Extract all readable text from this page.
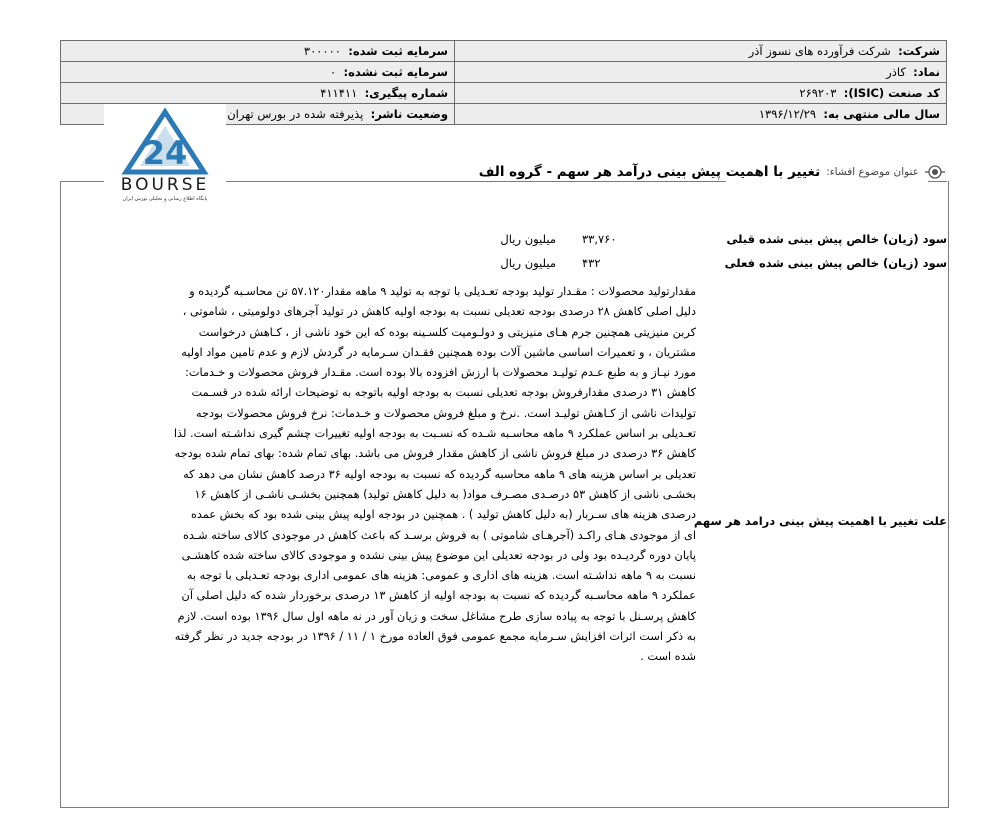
شرکت:  شرکت فرآورده های نسوز آذر	سرمایه ثبت شده:  ۳۰۰۰۰۰
نماد:  کاذر	سرمایه ثبت نشده:  ۰
کد صنعت (ISIC):  ۲۶۹۲۰۳	شماره پیگیری:  ۴۱۱۴۱۱
سال مالی منتهی به:  ۱۳۹۶/۱۲/۲۹	وضعیت ناشر:  پذیرفته شده در بورس تهران
24
BOURSE
پایگاه اطلاع رسانی و تحلیلی بورس ایران
عنوان موضوع افشاء:
تغییر با اهمیت پیش بینی درآمد هر سهم - گروه الف
سود (زیان) خالص پیش بینی شده قبلی
۳۳,۷۶۰
میلیون ریال
سود (زیان) خالص پیش بینی شده فعلی
۴۳۲
میلیون ریال
علت تغییر با اهمیت پیش بینی درامد هر سهم
مقدارتولید محصولات : مقـدار تولید بودجه تعـدیلی با توجه به تولید ۹ ماهه مقدار۵۷.۱۲۰ تن محاسـبه گردیده و
دلیل اصلی کاهش ۲۸ درصدی بودجه تعدیلی نسبت به بودجه اولیه کاهش در تولید آجرهای دولومیتی ، شاموتی ،
کربن منیزیتی همچنین جرم هـای منیزیتی و دولـومیت کلسـینه بوده که این خود ناشی از ، کـاهش درخواست
مشتریان ، و تعمیرات اساسی ماشین آلات بوده همچنین فقـدان سـرمایه در گردش لازم و عدم تامین مواد اولیه
مورد نیـاز و به طبع عـدم تولیـد محصولات با ارزش افزوده بالا بوده است. مقـدار فروش محصولات و خـدمات:
کاهش ۳۱ درصدی مقدارفروش بودجه تعدیلی نسبت به بودجه اولیه باتوجه به توضیحات ارائه شده در قسـمت
تولیدات ناشی از کـاهش تولیـد است. .نرخ و مبلغ فروش محصولات و خـدمات: نرخ فروش محصولات بودجه
تعـدیلی بر اساس عملکرد ۹ ماهه محاسـبه شـده که نسـبت به بودجه اولیه تغییرات چشم گیری نداشـته است. لذا
کاهش ۳۶ درصدی در مبلغ فروش ناشی از کاهش مقدار فروش می باشد. بهای تمام شده: بهای تمام شده بودجه
تعدیلی بر اساس هزینه های ۹ ماهه محاسبه گردیده که نسبت به بودجه اولیه ۳۶ درصد کاهش نشان می دهد که
بخشـی ناشی از کاهش ۵۳ درصـدی مصـرف مواد( به دلیل کاهش تولید) همچنین بخشـی ناشـی از کاهش ۱۶
درصدی هزینه های سـربار (به دلیل کاهش تولید ) . همچنین در بودجه اولیه پیش بینی شده بود که بخش عمده
ای از موجودی هـای راکـد (آجرهـای شاموتی ) به فروش برسـد که باعث کاهش در موجودی کالای ساخته شـده
پایان دوره گردیـده بود ولی در بودجه تعدیلی این موضوع پیش بینی نشده و موجودی کالای ساخته شده کاهشـی
نسبت به ۹ ماهه نداشـته است. هزینه های اداری و عمومی: هزینه های عمومی اداری بودجه تعـدیلی با توجه به
عملکرد ۹ ماهه محاسـبه گردیده که نسبت به بودجه اولیه از کاهش ۱۳ درصدی برخوردار شده که دلیل اصلی آن
کاهش پرسـنل با توجه به پیاده سازی طرح مشاغل سخت و زیان آور در نه ماهه اول سال ۱۳۹۶ بوده است. لازم
به ذکر است اثرات افزایش سـرمایه مجمع عمومی فوق العاده مورخ ۱ / ۱۱ / ۱۳۹۶ در بودجه جدید در نظر گرفته
شده است .
